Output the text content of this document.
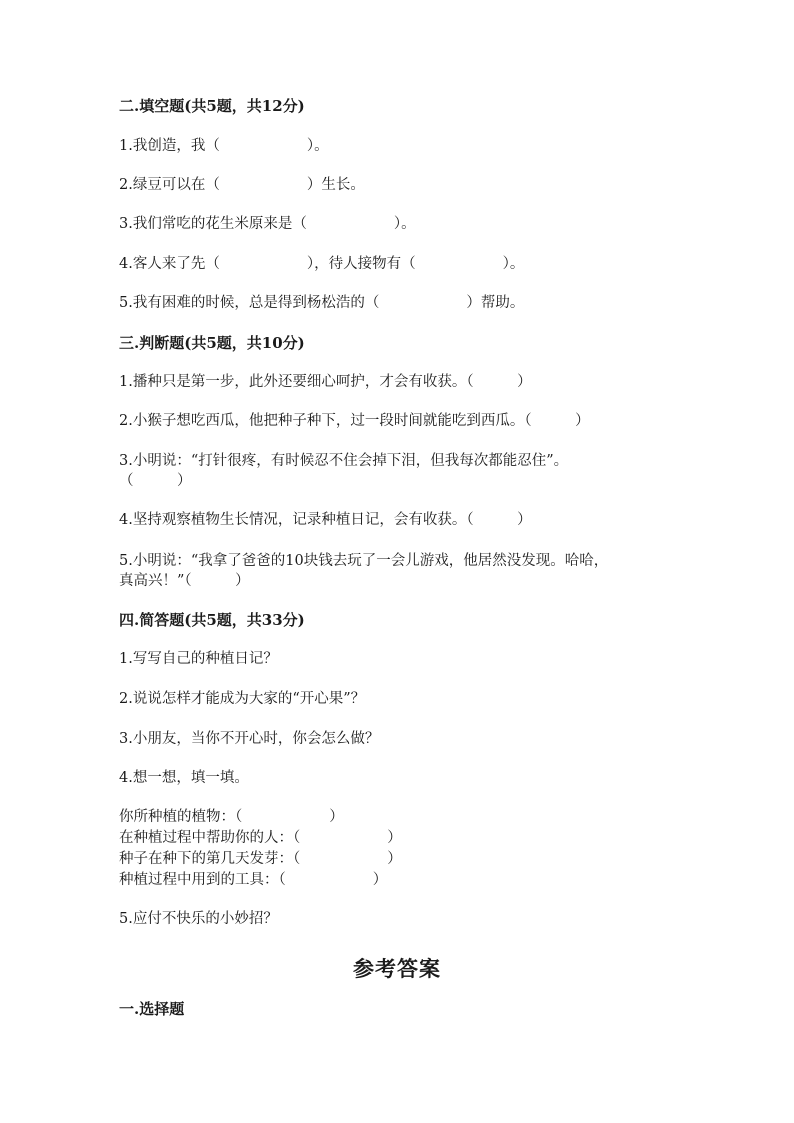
二.填空题(共5题，共12分)
1.我创造，我（　　　　　　）。
2.绿豆可以在（　　　　　　）生长。
3.我们常吃的花生米原来是（　　　　　　）。
4.客人来了先（　　　　　　），待人接物有（　　　　　　）。
5.我有困难的时候，总是得到杨松浩的（　　　　　　）帮助。
三.判断题(共5题，共10分)
1.播种只是第一步，此外还要细心呵护，才会有收获。（　　　）
2.小猴子想吃西瓜，他把种子种下，过一段时间就能吃到西瓜。（　　　）
3.小明说：“打针很疼，有时候忍不住会掉下泪，但我每次都能忍住”。
（　　　）
4.坚持观察植物生长情况，记录种植日记，会有收获。（　　　）
5.小明说：“我拿了爸爸的10块钱去玩了一会儿游戏，他居然没发现。哈哈，
真高兴！”（　　　）
四.简答题(共5题，共33分)
1.写写自己的种植日记？
2.说说怎样才能成为大家的“开心果”？
3.小朋友，当你不开心时，你会怎么做？
4.想一想，填一填。
你所种植的植物：（　　　　　　）
在种植过程中帮助你的人：（　　　　　　）
种子在种下的第几天发芽：（　　　　　　）
种植过程中用到的工具：（　　　　　　）
5.应付不快乐的小妙招？
参考答案
一.选择题
